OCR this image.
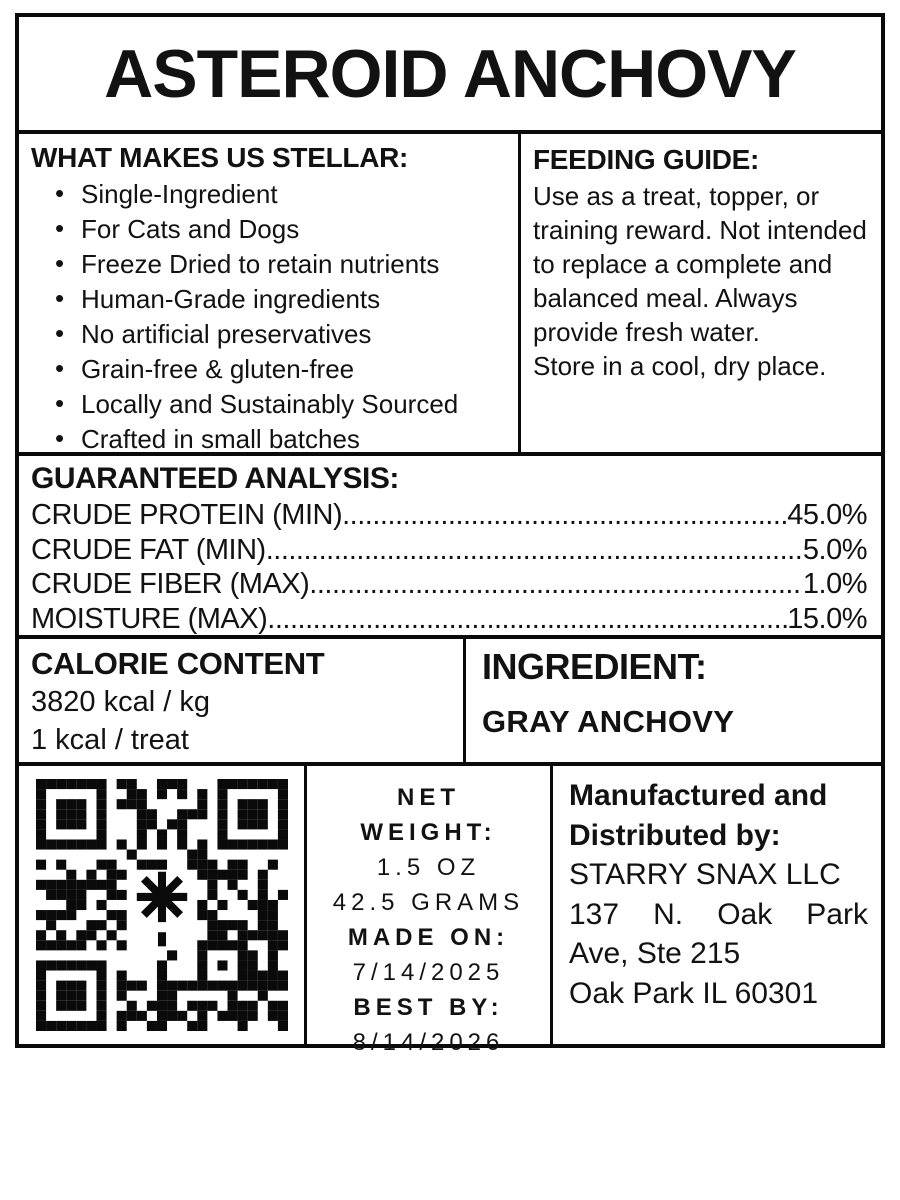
ASTEROID ANCHOVY
WHAT MAKES US STELLAR:
• Single-Ingredient
• For Cats and Dogs
• Freeze Dried to retain nutrients
• Human-Grade ingredients
• No artificial preservatives
• Grain-free & gluten-free
• Locally and Sustainably Sourced
• Crafted in small batches
FEEDING GUIDE:

Use as a treat, topper, or training reward. Not intended to replace a complete and balanced meal. Always provide fresh water.

Store in a cool, dry place.

GUARANTEED ANALYSIS:
CRUDE PROTEIN (MIN) .....	45.0%
CRUDE FAT (MIN) .....	5.0%
CRUDE FIBER (MAX) .....	1.0%
MOISTURE (MAX) .....	15.0%
CALORIE CONTENT
3820 kcal / kg
1 kcal / treat
INGREDIENT:
GRAY ANCHOVY
NET
WEIGHT:
1.5 OZ
42.5 GRAMS
MADE ON:
7/14/2025
BEST BY:
8/14/2026
Manufactured and
Distributed by:
STARRY SNAX LLC
137 N. Oak Park
Ave, Ste 215
Oak Park IL 60301
